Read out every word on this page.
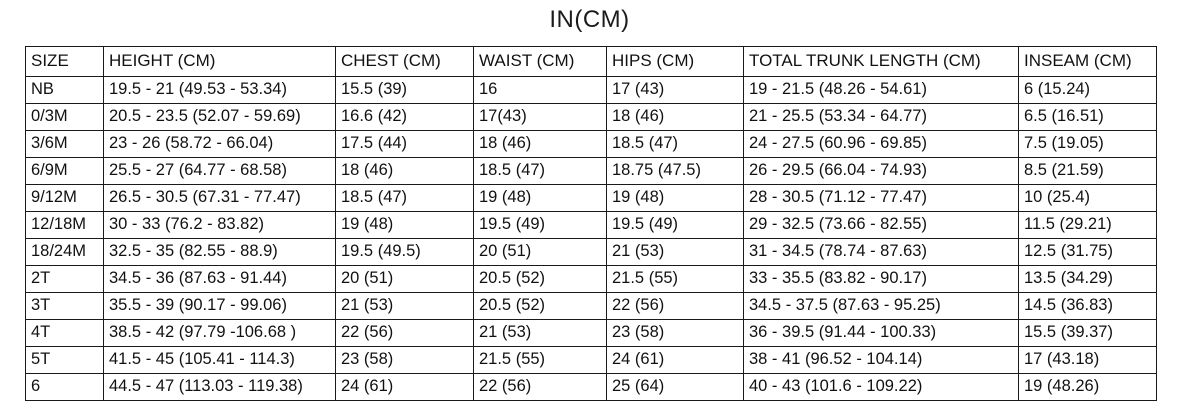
IN(CM)
SIZE	HEIGHT (CM)	CHEST (CM)	WAIST (CM)	HIPS (CM)	TOTAL TRUNK LENGTH (CM)	INSEAM (CM)
NB	19.5 - 21 (49.53 - 53.34)	15.5 (39)	16	17 (43)	19 - 21.5 (48.26 - 54.61)	6 (15.24)
0/3M	20.5 - 23.5 (52.07 - 59.69)	16.6 (42)	17(43)	18 (46)	21 - 25.5 (53.34 - 64.77)	6.5 (16.51)
3/6M	23 - 26 (58.72 - 66.04)	17.5 (44)	18 (46)	18.5 (47)	24 - 27.5 (60.96 - 69.85)	7.5 (19.05)
6/9M	25.5 - 27 (64.77 - 68.58)	18 (46)	18.5 (47)	18.75 (47.5)	26 - 29.5 (66.04 - 74.93)	8.5 (21.59)
9/12M	26.5 - 30.5 (67.31 - 77.47)	18.5 (47)	19 (48)	19 (48)	28 - 30.5 (71.12 - 77.47)	10 (25.4)
12/18M	30 - 33 (76.2 - 83.82)	19 (48)	19.5 (49)	19.5 (49)	29 - 32.5 (73.66 - 82.55)	11.5 (29.21)
18/24M	32.5 - 35 (82.55 - 88.9)	19.5 (49.5)	20 (51)	21 (53)	31 - 34.5 (78.74 - 87.63)	12.5 (31.75)
2T	34.5 - 36 (87.63 - 91.44)	20 (51)	20.5 (52)	21.5 (55)	33 - 35.5 (83.82 - 90.17)	13.5 (34.29)
3T	35.5 - 39 (90.17 - 99.06)	21 (53)	20.5 (52)	22 (56)	34.5 - 37.5 (87.63 - 95.25)	14.5 (36.83)
4T	38.5 - 42 (97.79 -106.68 )	22 (56)	21 (53)	23 (58)	36 - 39.5 (91.44 - 100.33)	15.5 (39.37)
5T	41.5 - 45 (105.41 - 114.3)	23 (58)	21.5 (55)	24 (61)	38 - 41 (96.52 - 104.14)	17 (43.18)
6	44.5 - 47 (113.03 - 119.38)	24 (61)	22 (56)	25 (64)	40 - 43 (101.6 - 109.22)	19 (48.26)
